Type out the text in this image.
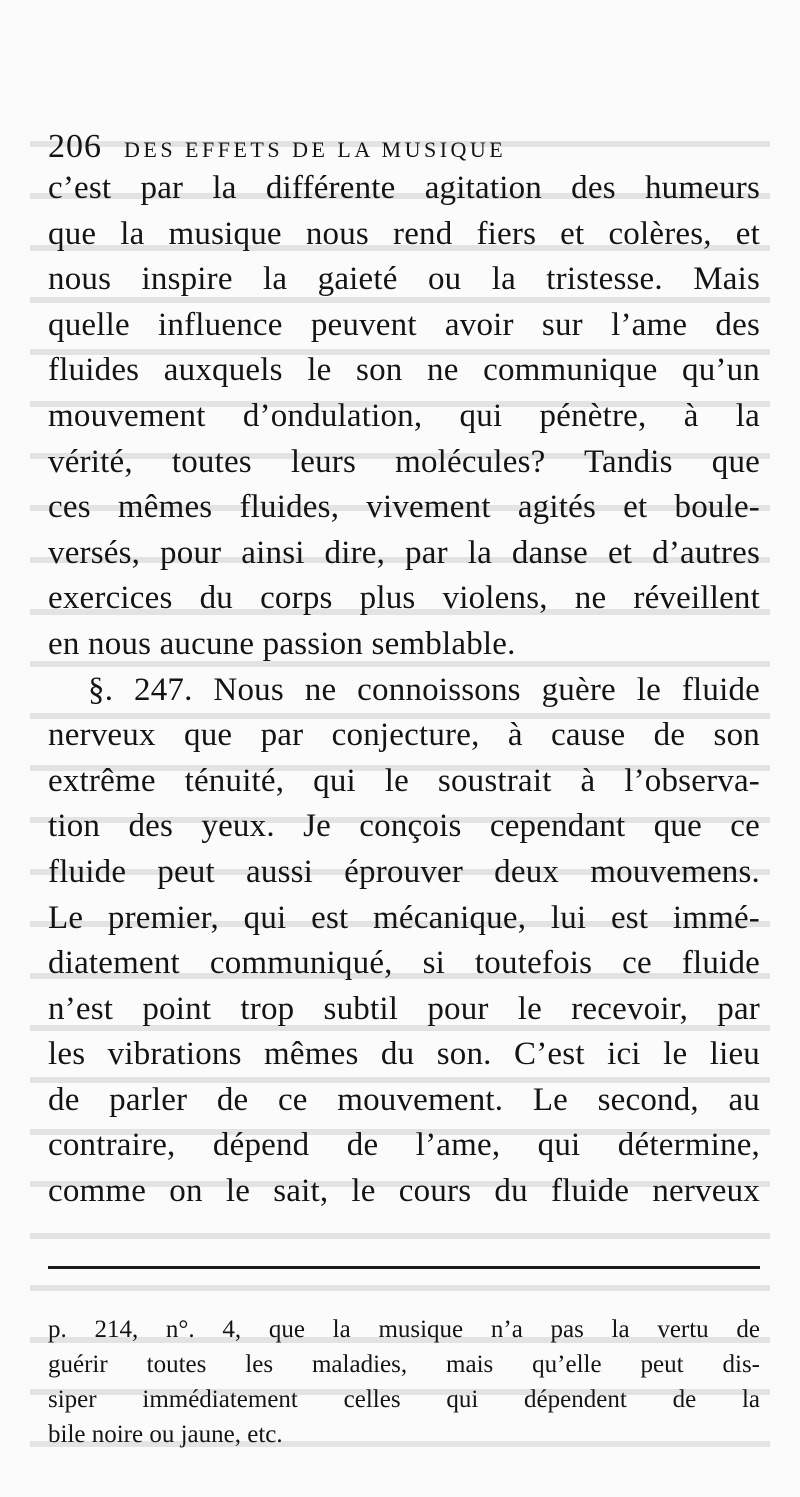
206 DES EFFETS DE LA MUSIQUE
c’est par la différente agitation des humeurs
que la musique nous rend fiers et colères, et
nous inspire la gaieté ou la tristesse. Mais
quelle influence peuvent avoir sur l’ame des
fluides auxquels le son ne communique qu’un
mouvement d’ondulation, qui pénètre, à la
vérité, toutes leurs molécules? Tandis que
ces mêmes fluides, vivement agités et boule-
versés, pour ainsi dire, par la danse et d’autres
exercices du corps plus violens, ne réveillent
en nous aucune passion semblable.
§. 247. Nous ne connoissons guère le fluide
nerveux que par conjecture, à cause de son
extrême ténuité, qui le soustrait à l’observa-
tion des yeux. Je conçois cependant que ce
fluide peut aussi éprouver deux mouvemens.
Le premier, qui est mécanique, lui est immé-
diatement communiqué, si toutefois ce fluide
n’est point trop subtil pour le recevoir, par
les vibrations mêmes du son. C’est ici le lieu
de parler de ce mouvement. Le second, au
contraire, dépend de l’ame, qui détermine,
comme on le sait, le cours du fluide nerveux
p. 214, n°. 4, que la musique n’a pas la vertu de
guérir toutes les maladies, mais qu’elle peut dis-
siper immédiatement celles qui dépendent de la
bile noire ou jaune, etc.
